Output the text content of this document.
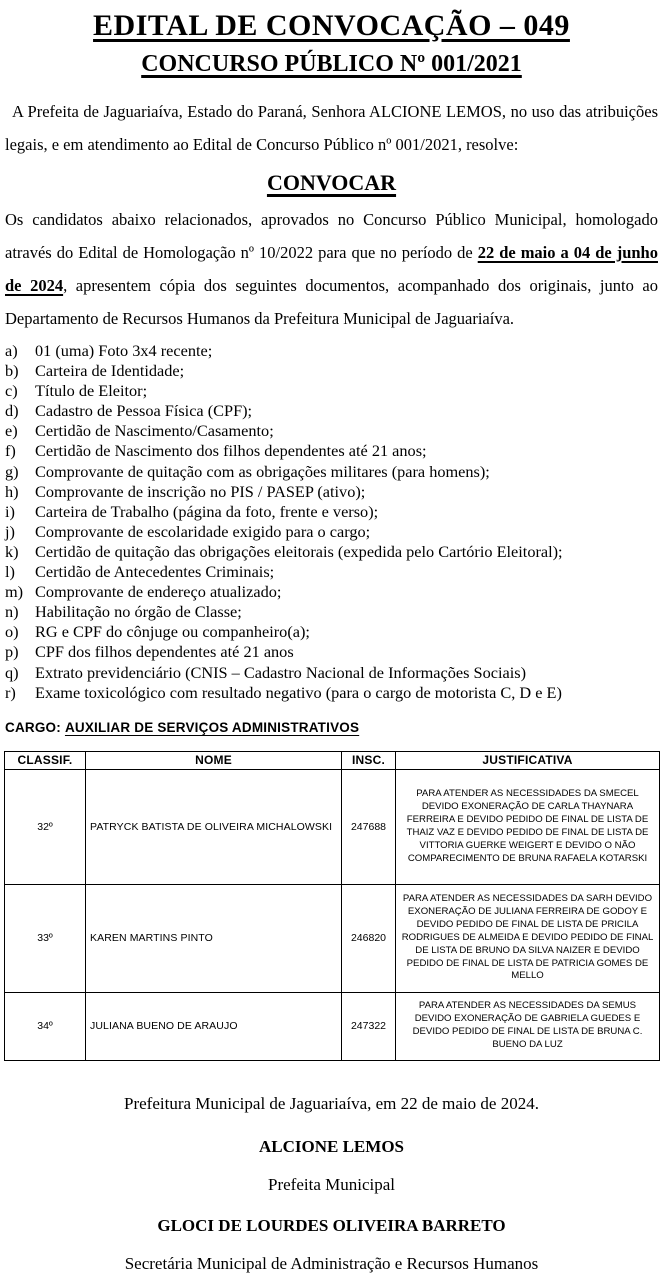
EDITAL DE CONVOCAÇÃO – 049
CONCURSO PÚBLICO Nº 001/2021

A Prefeita de Jaguariaíva, Estado do Paraná, Senhora ALCIONE LEMOS, no uso das atribuições legais, e em atendimento ao Edital de Concurso Público nº 001/2021, resolve:

CONVOCAR

Os candidatos abaixo relacionados, aprovados no Concurso Público Municipal, homologado através do Edital de Homologação nº 10/2022 para que no período de 22 de maio a 04 de junho de 2024, apresentem cópia dos seguintes documentos, acompanhado dos originais, junto ao Departamento de Recursos Humanos da Prefeitura Municipal de Jaguariaíva.

a)	01 (uma) Foto 3x4 recente;
b)	Carteira de Identidade;
c)	Título de Eleitor;
d)	Cadastro de Pessoa Física (CPF);
e)	Certidão de Nascimento/Casamento;
f)	Certidão de Nascimento dos filhos dependentes até 21 anos;
g)	Comprovante de quitação com as obrigações militares (para homens);
h)	Comprovante de inscrição no PIS / PASEP (ativo);
i)	Carteira de Trabalho (página da foto, frente e verso);
j)	Comprovante de escolaridade exigido para o cargo;
k)	Certidão de quitação das obrigações eleitorais (expedida pelo Cartório Eleitoral);
l)	Certidão de Antecedentes Criminais;
m) Comprovante de endereço atualizado;
n)	Habilitação no órgão de Classe;
o)	RG e CPF do cônjuge ou companheiro(a);
p)	CPF dos filhos dependentes até 21 anos
q)	Extrato previdenciário (CNIS – Cadastro Nacional de Informações Sociais)
r)	Exame toxicológico com resultado negativo (para o cargo de motorista C, D e E)
CARGO: AUXILIAR DE SERVIÇOS ADMINISTRATIVOS
CLASSIF.	NOME	INSC.	JUSTIFICATIVA
32º	PATRYCK BATISTA DE OLIVEIRA MICHALOWSKI	247688	PARA ATENDER AS NECESSIDADES DA SMECEL DEVIDO EXONERAÇÃO DE CARLA THAYNARA FERREIRA E DEVIDO PEDIDO DE FINAL DE LISTA DE THAIZ VAZ E DEVIDO PEDIDO DE FINAL DE LISTA DE VITTORIA GUERKE WEIGERT E DEVIDO O NÃO COMPARECIMENTO DE BRUNA RAFAELA KOTARSKI
33º	KAREN MARTINS PINTO	246820	PARA ATENDER AS NECESSIDADES DA SARH DEVIDO EXONERAÇÃO DE JULIANA FERREIRA DE GODOY E DEVIDO PEDIDO DE FINAL DE LISTA DE PRICILA RODRIGUES DE ALMEIDA E DEVIDO PEDIDO DE FINAL DE LISTA DE BRUNO DA SILVA NAIZER E DEVIDO PEDIDO DE FINAL DE LISTA DE PATRICIA GOMES DE MELLO
34º	JULIANA BUENO DE ARAUJO	247322	PARA ATENDER AS NECESSIDADES DA SEMUS DEVIDO EXONERAÇÃO DE GABRIELA GUEDES E DEVIDO PEDIDO DE FINAL DE LISTA DE BRUNA C. BUENO DA LUZ

Prefeitura Municipal de Jaguariaíva, em 22 de maio de 2024.

ALCIONE LEMOS

Prefeita Municipal

GLOCI DE LOURDES OLIVEIRA BARRETO

Secretária Municipal de Administração e Recursos Humanos
